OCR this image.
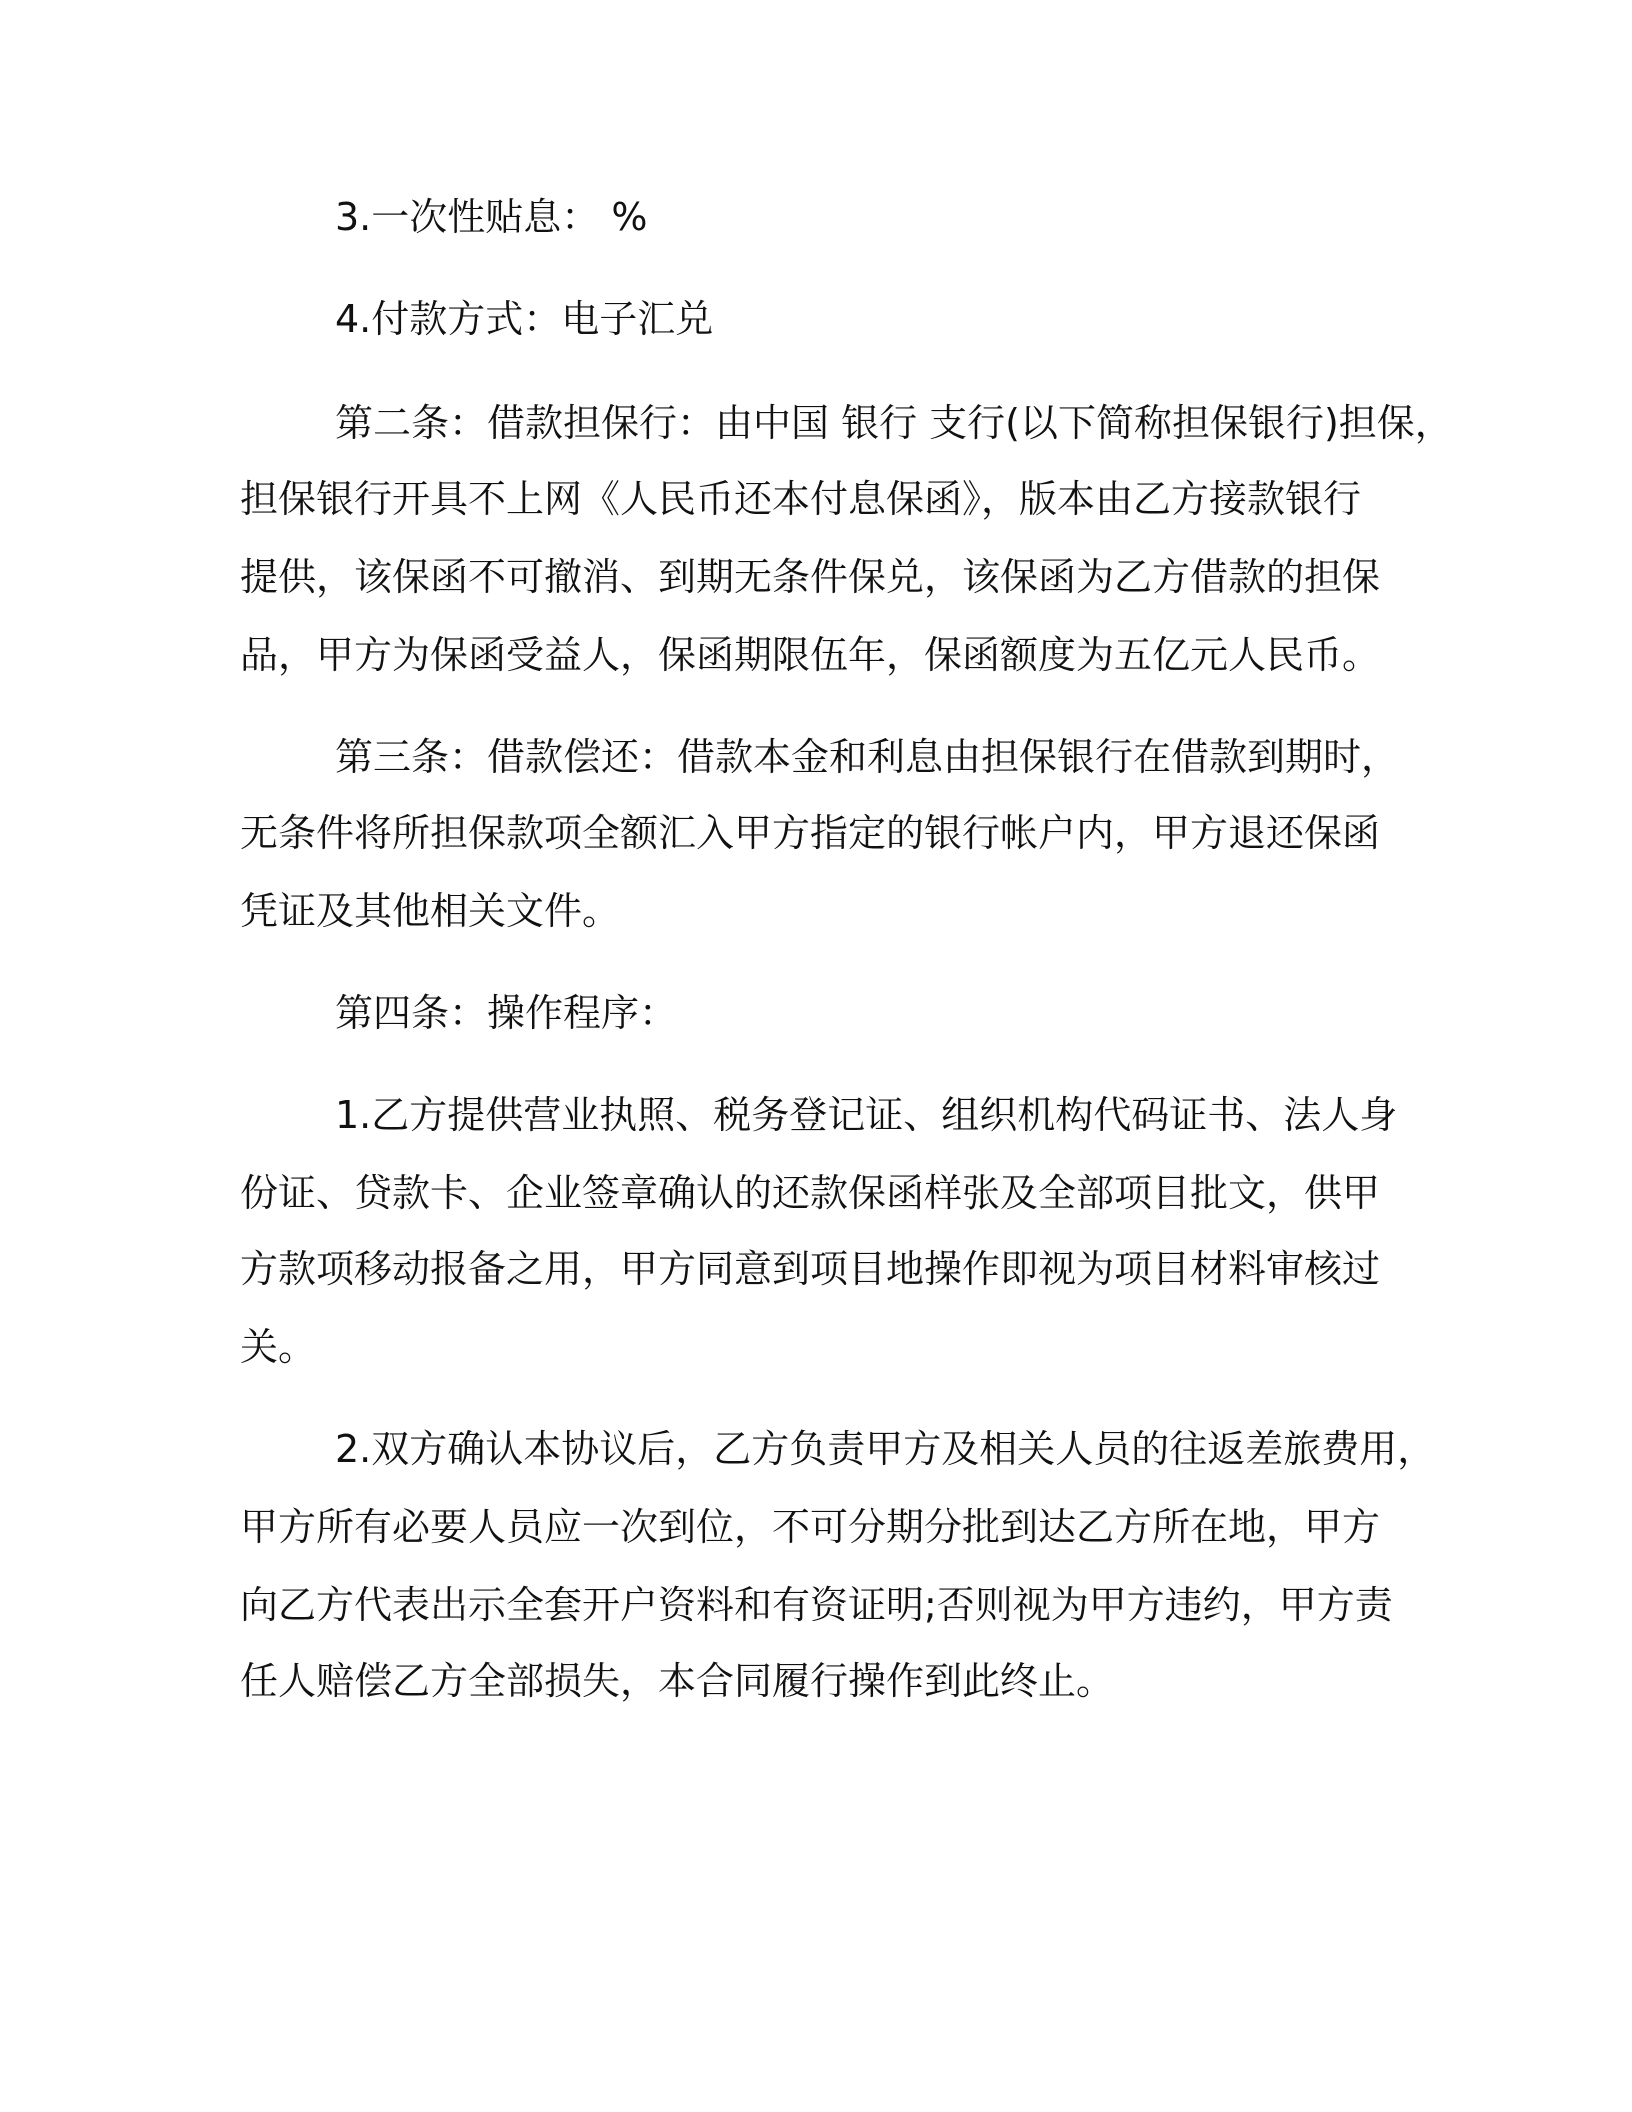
3.一次性贴息： %
4.付款方式：电子汇兑
第二条：借款担保行：由中国 银行 支行(以下简称担保银行)担保，
担保银行开具不上网《人民币还本付息保函》，版本由乙方接款银行
提供，该保函不可撤消、到期无条件保兑，该保函为乙方借款的担保
品，甲方为保函受益人，保函期限伍年，保函额度为五亿元人民币。
第三条：借款偿还：借款本金和利息由担保银行在借款到期时，
无条件将所担保款项全额汇入甲方指定的银行帐户内，甲方退还保函
凭证及其他相关文件。
第四条：操作程序：
1.乙方提供营业执照、税务登记证、组织机构代码证书、法人身
份证、贷款卡、企业签章确认的还款保函样张及全部项目批文，供甲
方款项移动报备之用，甲方同意到项目地操作即视为项目材料审核过
关。
2.双方确认本协议后，乙方负责甲方及相关人员的往返差旅费用，
甲方所有必要人员应一次到位，不可分期分批到达乙方所在地，甲方
向乙方代表出示全套开户资料和有资证明;否则视为甲方违约，甲方责
任人赔偿乙方全部损失，本合同履行操作到此终止。
